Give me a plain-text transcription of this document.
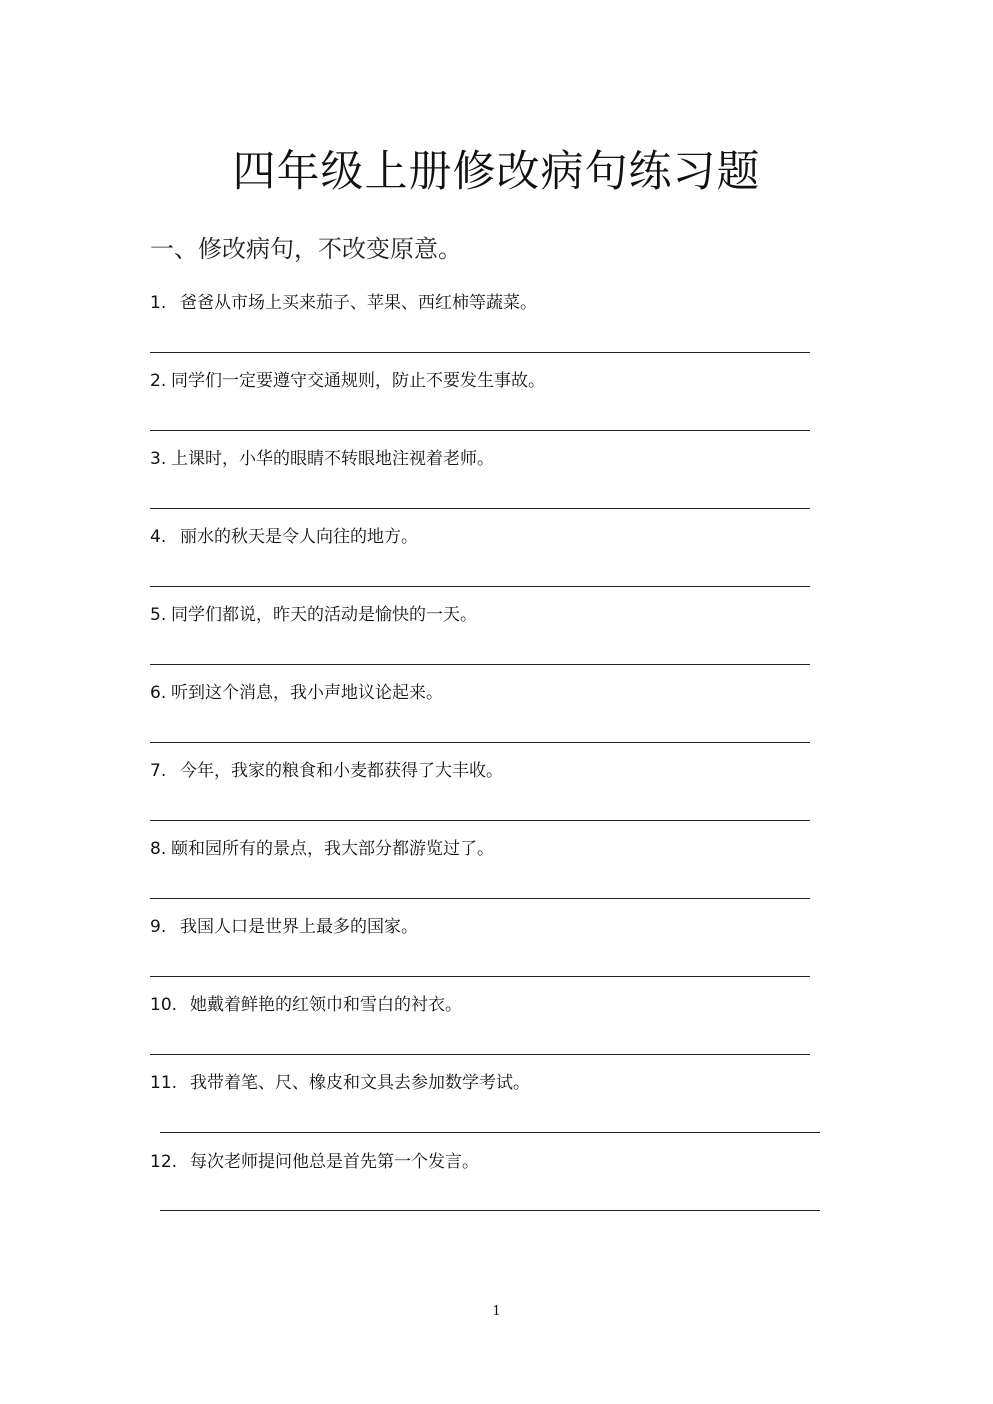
四年级上册修改病句练习题
一、修改病句，不改变原意。
1. 爸爸从市场上买来茄子、苹果、西红柿等蔬菜。
2. 同学们一定要遵守交通规则，防止不要发生事故。
3. 上课时，小华的眼睛不转眼地注视着老师。
4. 丽水的秋天是令人向往的地方。
5. 同学们都说，昨天的活动是愉快的一天。
6. 听到这个消息，我小声地议论起来。
7. 今年，我家的粮食和小麦都获得了大丰收。
8. 颐和园所有的景点，我大部分都游览过了。
9. 我国人口是世界上最多的国家。
10. 她戴着鲜艳的红领巾和雪白的衬衣。
11. 我带着笔、尺、橡皮和文具去参加数学考试。
12. 每次老师提问他总是首先第一个发言。
1
